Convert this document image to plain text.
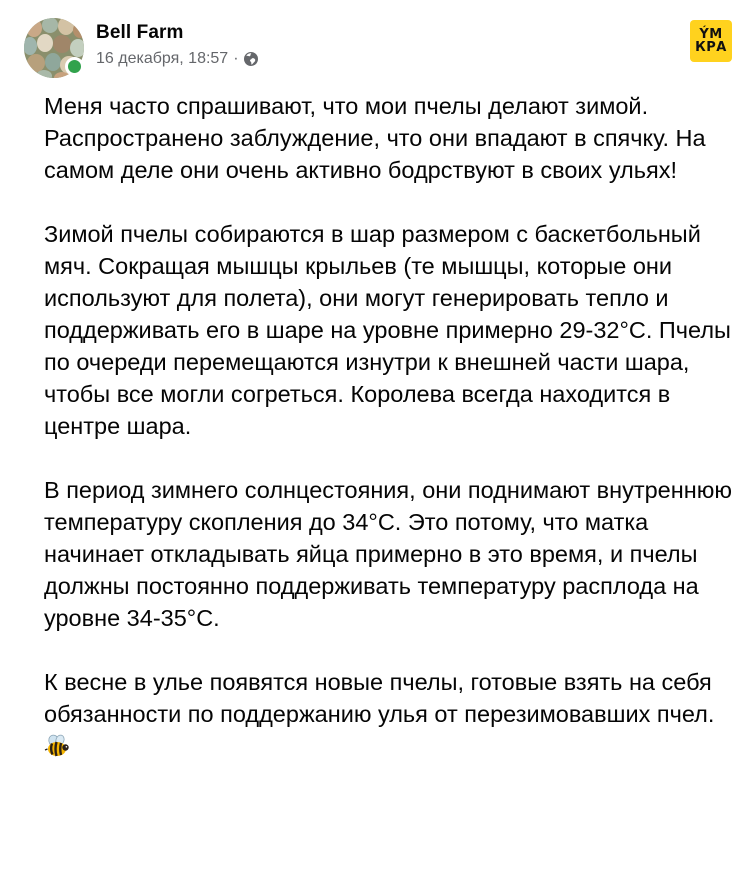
Bell Farm
16 декабря, 18:57 ·
ÝМ
КРА

Меня часто спрашивают, что мои пчелы делают зимой. Распространено заблуждение, что они впадают в спячку. На самом деле они очень активно бодрствуют в своих ульях!

Зимой пчелы собираются в шар размером с баскетбольный мяч. Сокращая мышцы крыльев (те мышцы, которые они используют для полета), они могут генерировать тепло и поддерживать его в шаре на уровне примерно 29-32°C. Пчелы по очереди перемещаются изнутри к внешней части шара, чтобы все могли согреться. Королева всегда находится в центре шара.

В период зимнего солнцестояния, они поднимают внутреннюю температуру скопления до 34°C. Это потому, что матка начинает откладывать яйца примерно в это время, и пчелы должны постоянно поддерживать температуру расплода на уровне 34-35°C.

К весне в улье появятся новые пчелы, готовые взять на себя обязанности по поддержанию улья от перезимовавших пчел.
